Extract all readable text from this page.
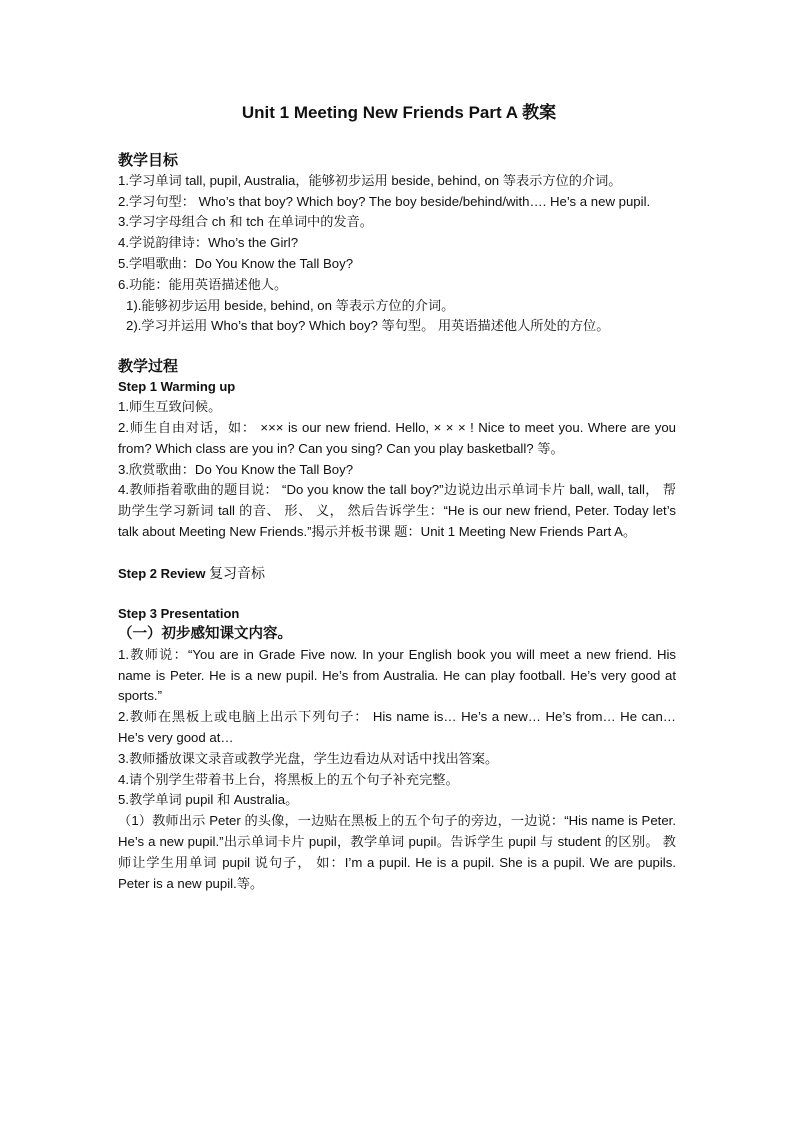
Unit 1 Meeting New Friends Part A 教案
教学目标
1.学习单词 tall, pupil, Australia，能够初步运用 beside, behind, on 等表示方位的介词。
2.学习句型： Who’s that boy? Which boy? The boy beside/behind/with…. He’s a new pupil.
3.学习字母组合 ch 和 tch 在单词中的发音。
4.学说韵律诗：Who’s the Girl?
5.学唱歌曲：Do You Know the Tall Boy?
6.功能：能用英语描述他人。
1).能够初步运用 beside, behind, on 等表示方位的介词。
2).学习并运用 Who’s that boy? Which boy? 等句型。 用英语描述他人所处的方位。
教学过程
Step 1 Warming up
1.师生互致问候。
2.师生自由对话，如： ××× is our new friend. Hello, × × × ! Nice to meet you. Where are you from? Which class are you in? Can you sing? Can you play basketball? 等。
3.欣赏歌曲：Do You Know the Tall Boy?
4.教师指着歌曲的题目说： “Do you know the tall boy?”边说边出示单词卡片 ball, wall, tall， 帮助学生学习新词 tall 的音、 形、 义， 然后告诉学生：“He is our new friend, Peter. Today let’s talk about Meeting New Friends.”揭示并板书课 题：Unit 1 Meeting New Friends Part A。
Step 2 Review 复习音标
Step 3 Presentation
（一）初步感知课文内容。
1.教师说：“You are in Grade Five now. In your English book you will meet a new friend. His name is Peter. He is a new pupil. He’s from Australia. He can play football. He’s very good at sports.”
2.教师在黑板上或电脑上出示下列句子： His name is… He’s a new… He’s from… He can… He’s very good at…
3.教师播放课文录音或教学光盘，学生边看边从对话中找出答案。
4.请个别学生带着书上台，将黑板上的五个句子补充完整。
5.教学单词 pupil 和 Australia。
（1）教师出示 Peter 的头像，一边贴在黑板上的五个句子的旁边，一边说：“His name is Peter. He’s a new pupil.”出示单词卡片 pupil，教学单词 pupil。告诉学生 pupil 与 student 的区别。 教师让学生用单词 pupil 说句子， 如：I’m a pupil. He is a pupil. She is a pupil. We are pupils. Peter is a new pupil.等。
